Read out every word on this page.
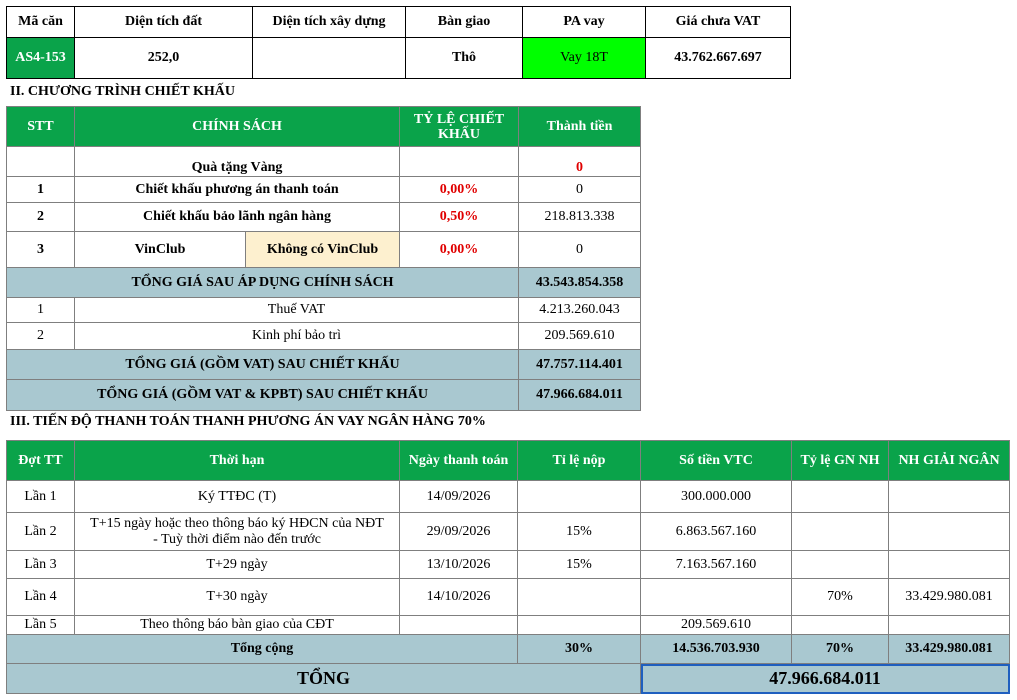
Mã căn	Diện tích đất	Diện tích xây dựng	Bàn giao	PA vay	Giá chưa VAT
AS4-153	252,0		Thô	Vay 18T	43.762.667.697
II. CHƯƠNG TRÌNH CHIẾT KHẤU
STT	CHÍNH SÁCH		TỶ LỆ CHIẾT KHẤU	Thành tiền
	Quà tặng Vàng			0
1	Chiết khấu phương án thanh toán		0,00%	0
2	Chiết khấu bảo lãnh ngân hàng		0,50%	218.813.338
3	VinClub	Không có VinClub	0,00%	0
TỔNG GIÁ SAU ÁP DỤNG CHÍNH SÁCH				43.543.854.358
1	Thuế VAT			4.213.260.043
2	Kinh phí bảo trì			209.569.610
TỔNG GIÁ (GỒM VAT) SAU CHIẾT KHẤU				47.757.114.401
TỔNG GIÁ (GỒM VAT & KPBT) SAU CHIẾT KHẤU				47.966.684.011
III. TIẾN ĐỘ THANH TOÁN THANH PHƯƠNG ÁN VAY NGÂN HÀNG 70%
Đợt TT	Thời hạn	Ngày thanh toán	Tỉ lệ nộp	Số tiền VTC	Tỷ lệ GN NH	NH GIẢI NGÂN
Lần 1	Ký TTĐC (T)	14/09/2026		300.000.000		
Lần 2	T+15 ngày hoặc theo thông báo ký HĐCN của NĐT - Tuỳ thời điểm nào đến trước	29/09/2026	15%	6.863.567.160		
Lần 3	T+29 ngày	13/10/2026	15%	7.163.567.160		
Lần 4	T+30 ngày	14/10/2026			70%	33.429.980.081
Lần 5	Theo thông báo bàn giao của CĐT			209.569.610		
Tổng cộng			30%	14.536.703.930	70%	33.429.980.081
TỔNG				47.966.684.011		
